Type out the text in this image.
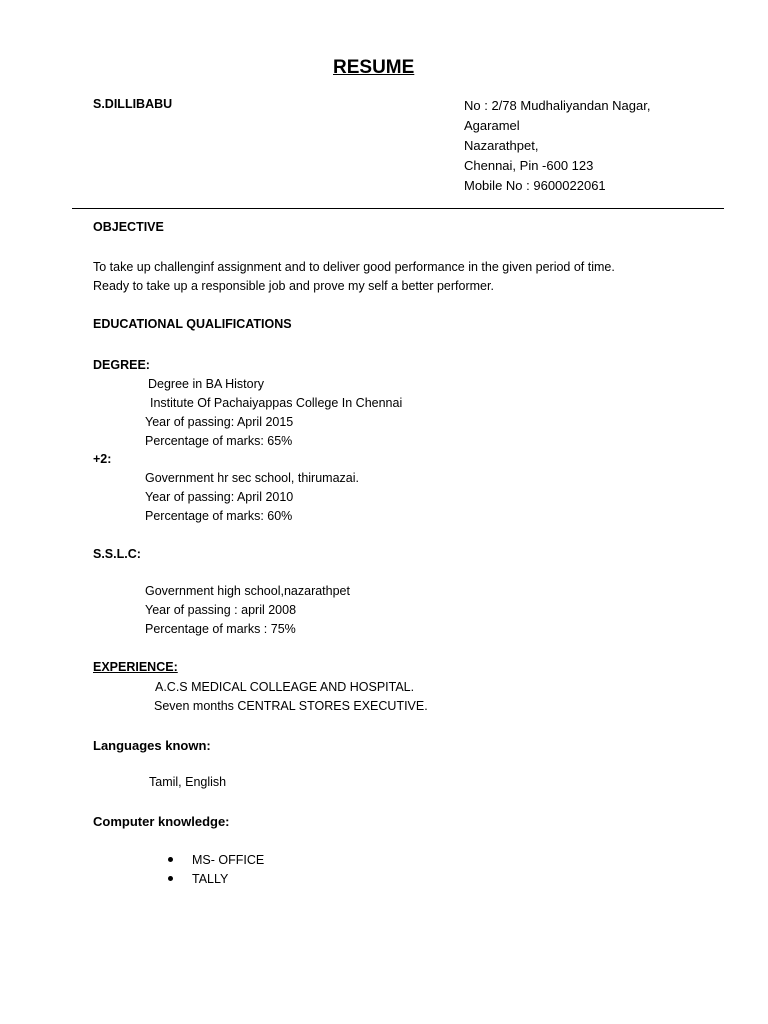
RESUME
S.DILLIBABU	No : 2/78 Mudhaliyandan Nagar,
Agaramel
Nazarathpet,
Chennai, Pin -600 123
Mobile No : 9600022061
OBJECTIVE
To take up challenginf assignment and to deliver good performance in the given period of time.
Ready to take up a responsible job and prove my self a better performer.
EDUCATIONAL QUALIFICATIONS
DEGREE:
Degree in BA History
Institute Of Pachaiyappas College In Chennai
Year of passing: April 2015
Percentage of marks: 65%
+2:
Government hr sec school, thirumazai.
Year of passing: April 2010
Percentage of marks: 60%
S.S.L.C:
Government high school,nazarathpet
Year of passing : april 2008
Percentage of marks : 75%
EXPERIENCE:
A.C.S MEDICAL COLLEAGE AND HOSPITAL.
Seven months CENTRAL STORES EXECUTIVE.
Languages known:
Tamil, English
Computer knowledge:
MS- OFFICE
TALLY
